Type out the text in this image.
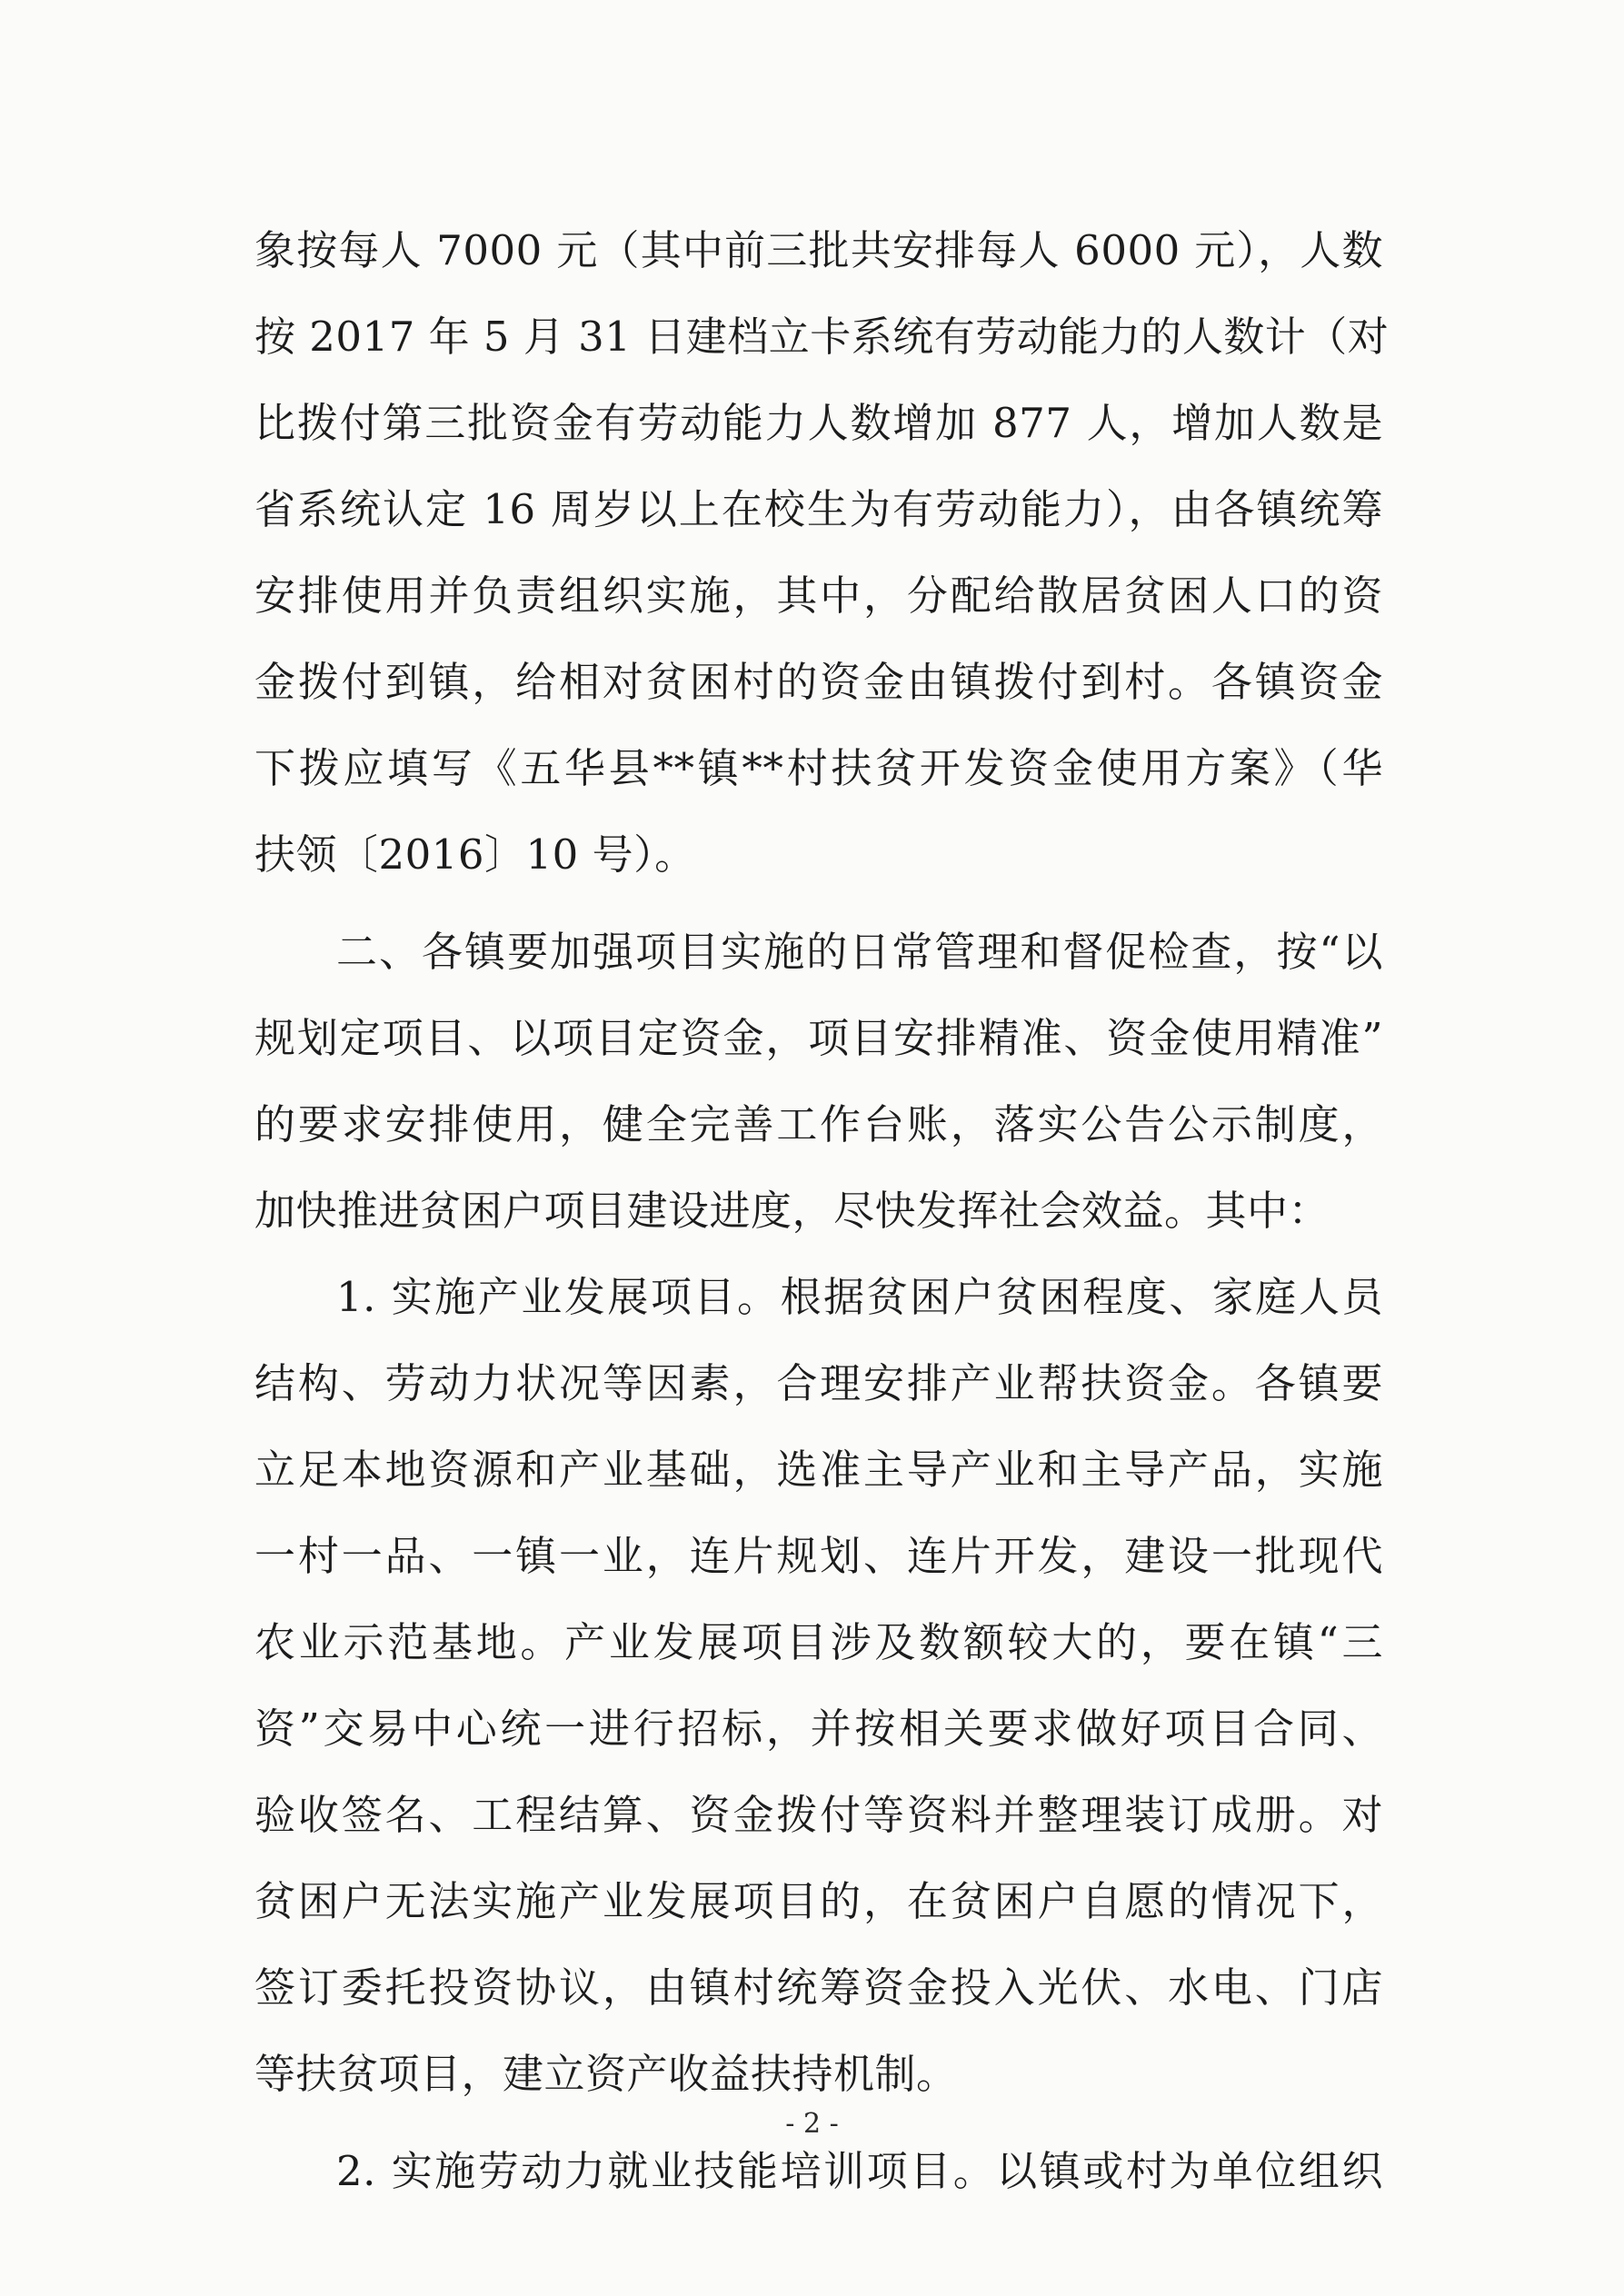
象按每人 7000 元（其中前三批共安排每人 6000 元），人数
按 2017 年 5 月 31 日建档立卡系统有劳动能力的人数计（对
比拨付第三批资金有劳动能力人数增加 877 人，增加人数是
省系统认定 16 周岁以上在校生为有劳动能力），由各镇统筹
安排使用并负责组织实施，其中，分配给散居贫困人口的资
金拨付到镇，给相对贫困村的资金由镇拨付到村。各镇资金
下拨应填写《五华县**镇**村扶贫开发资金使用方案》（华
扶领〔2016〕10 号）。
二、各镇要加强项目实施的日常管理和督促检查，按“以
规划定项目、以项目定资金，项目安排精准、资金使用精准”
的要求安排使用，健全完善工作台账，落实公告公示制度，
加快推进贫困户项目建设进度，尽快发挥社会效益。其中：
1. 实施产业发展项目。根据贫困户贫困程度、家庭人员
结构、劳动力状况等因素，合理安排产业帮扶资金。各镇要
立足本地资源和产业基础，选准主导产业和主导产品，实施
一村一品、一镇一业，连片规划、连片开发，建设一批现代
农业示范基地。产业发展项目涉及数额较大的，要在镇“三
资”交易中心统一进行招标，并按相关要求做好项目合同、
验收签名、工程结算、资金拨付等资料并整理装订成册。对
贫困户无法实施产业发展项目的，在贫困户自愿的情况下，
签订委托投资协议，由镇村统筹资金投入光伏、水电、门店
等扶贫项目，建立资产收益扶持机制。
2. 实施劳动力就业技能培训项目。以镇或村为单位组织
- 2 -
